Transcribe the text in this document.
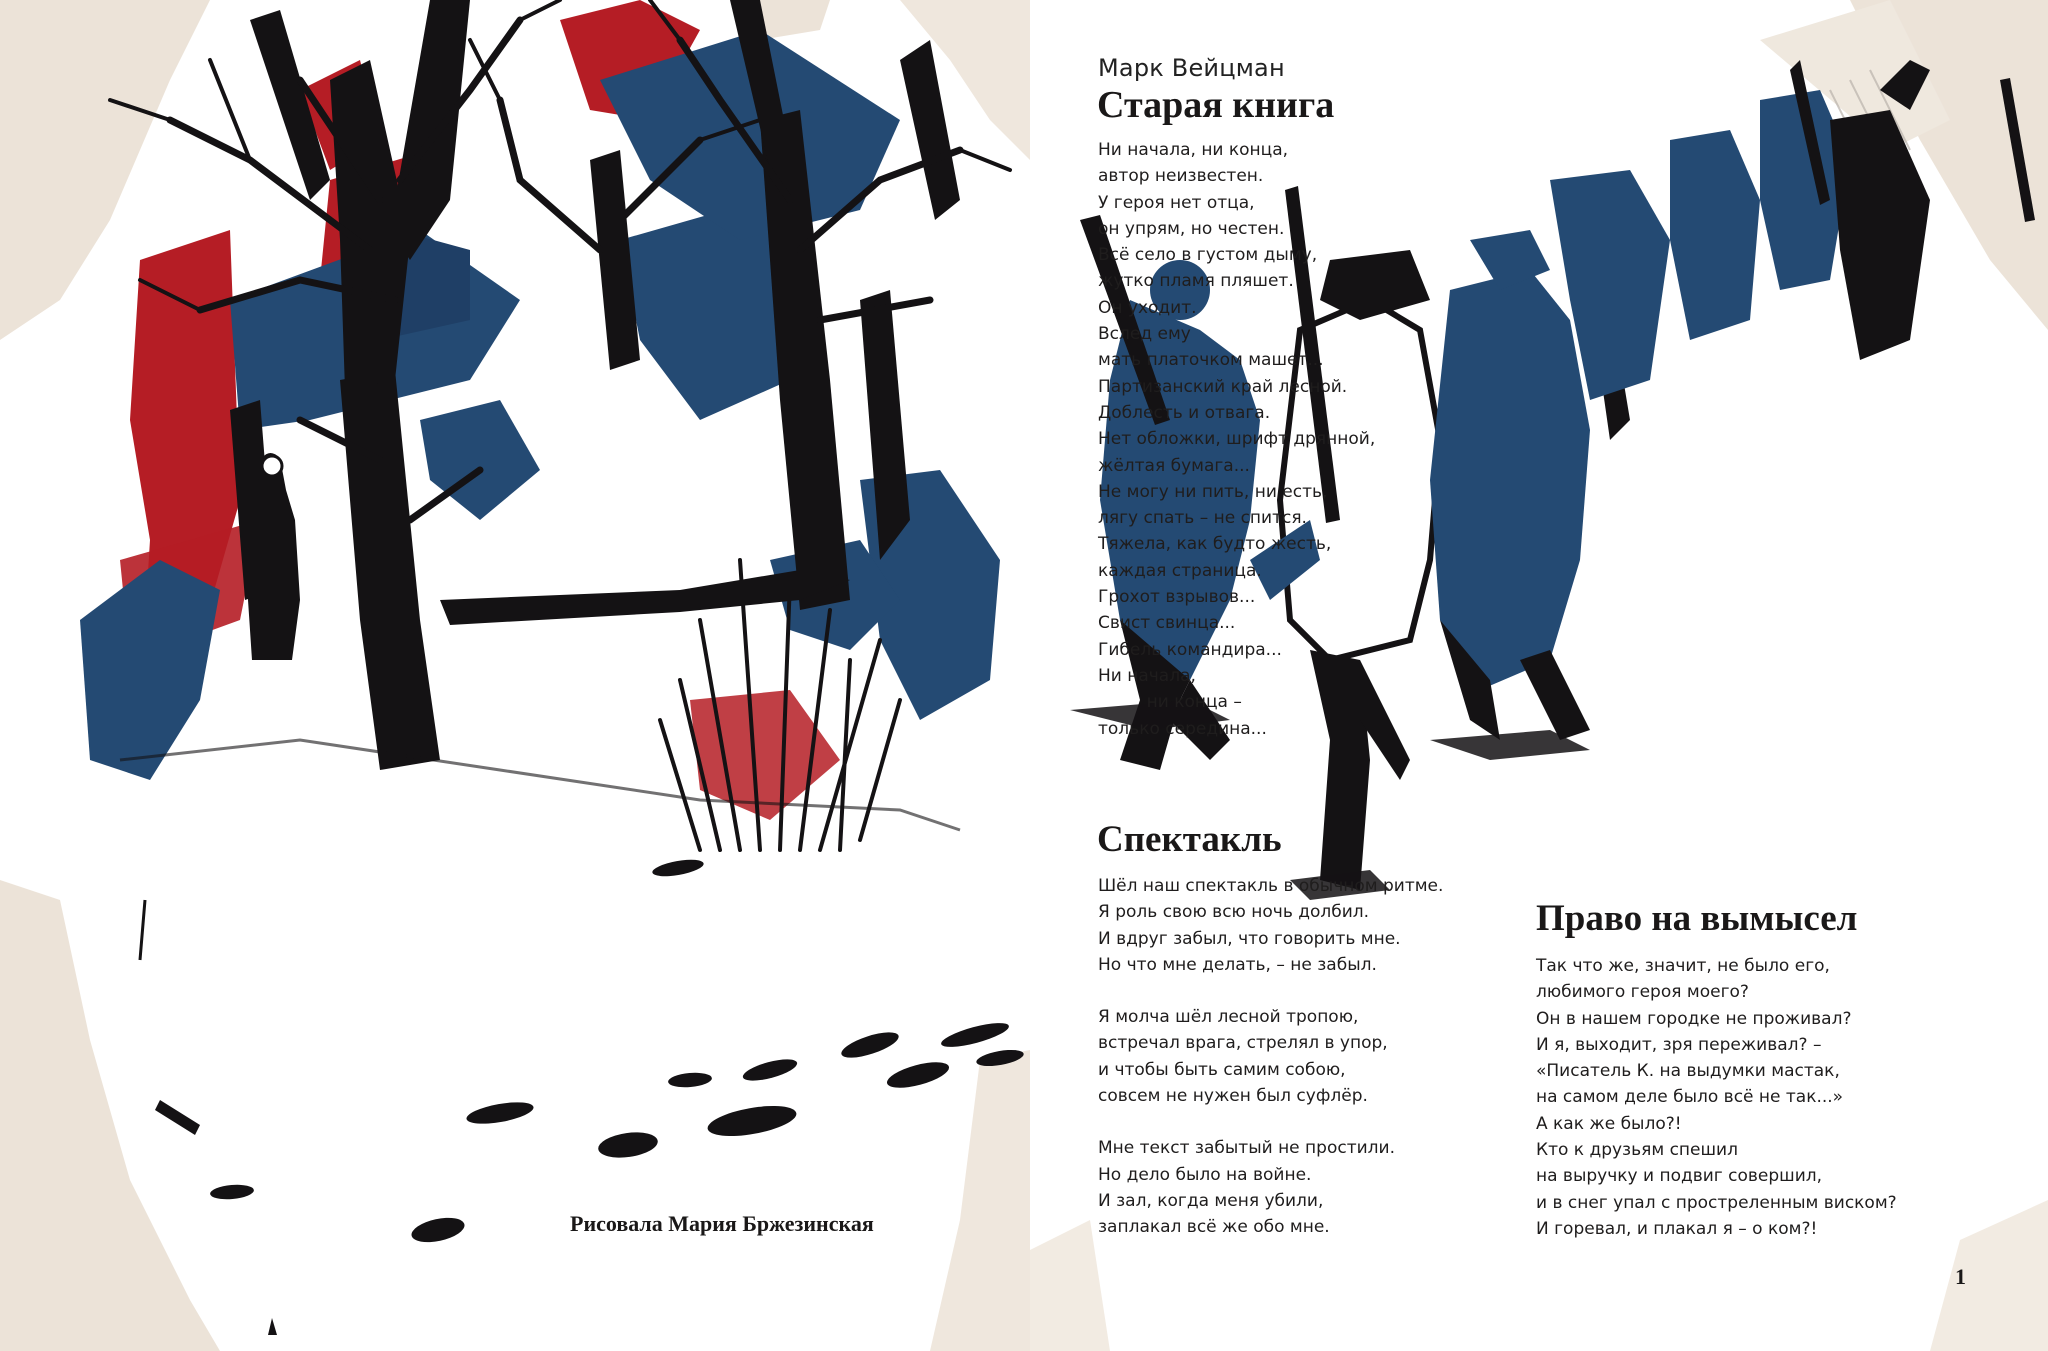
Марк Вейцман
Старая книга
Ни начала, ни конца,
автор неизвестен.
У героя нет отца,
он упрям, но честен.
Всё село в густом дыму,
жутко пламя пляшет.
Он уходит.
Вслед ему
мать платочком машет...
Партизанский край лесной.
Доблесть и отвага.
Нет обложки, шрифт дрянной,
жёлтая бумага...
Не могу ни пить, ни есть,
лягу спать – не спится.
Тяжела, как будто жесть,
каждая страница.
Грохот взрывов...
Свист свинца...
Гибель командира...
Ни начала,
ни конца –
только середина...
Спектакль
Шёл наш спектакль в обычном ритме.
Я роль свою всю ночь долбил.
И вдруг забыл, что говорить мне.
Но что мне делать, – не забыл.
Я молча шёл лесной тропою,
встречал врага, стрелял в упор,
и чтобы быть самим собою,
совсем не нужен был суфлёр.
Мне текст забытый не простили.
Но дело было на войне.
И зал, когда меня убили,
заплакал всё же обо мне.
Право на вымысел
Так что же, значит, не было его,
любимого героя моего?
Он в нашем городке не проживал?
И я, выходит, зря переживал? –
«Писатель К. на выдумки мастак,
на самом деле было всё не так...»
А как же было?!
Кто к друзьям спешил
на выручку и подвиг совершил,
и в снег упал с простреленным виском?
И горевал, и плакал я – о ком?!
Рисовала Мария Бржезинская
1
